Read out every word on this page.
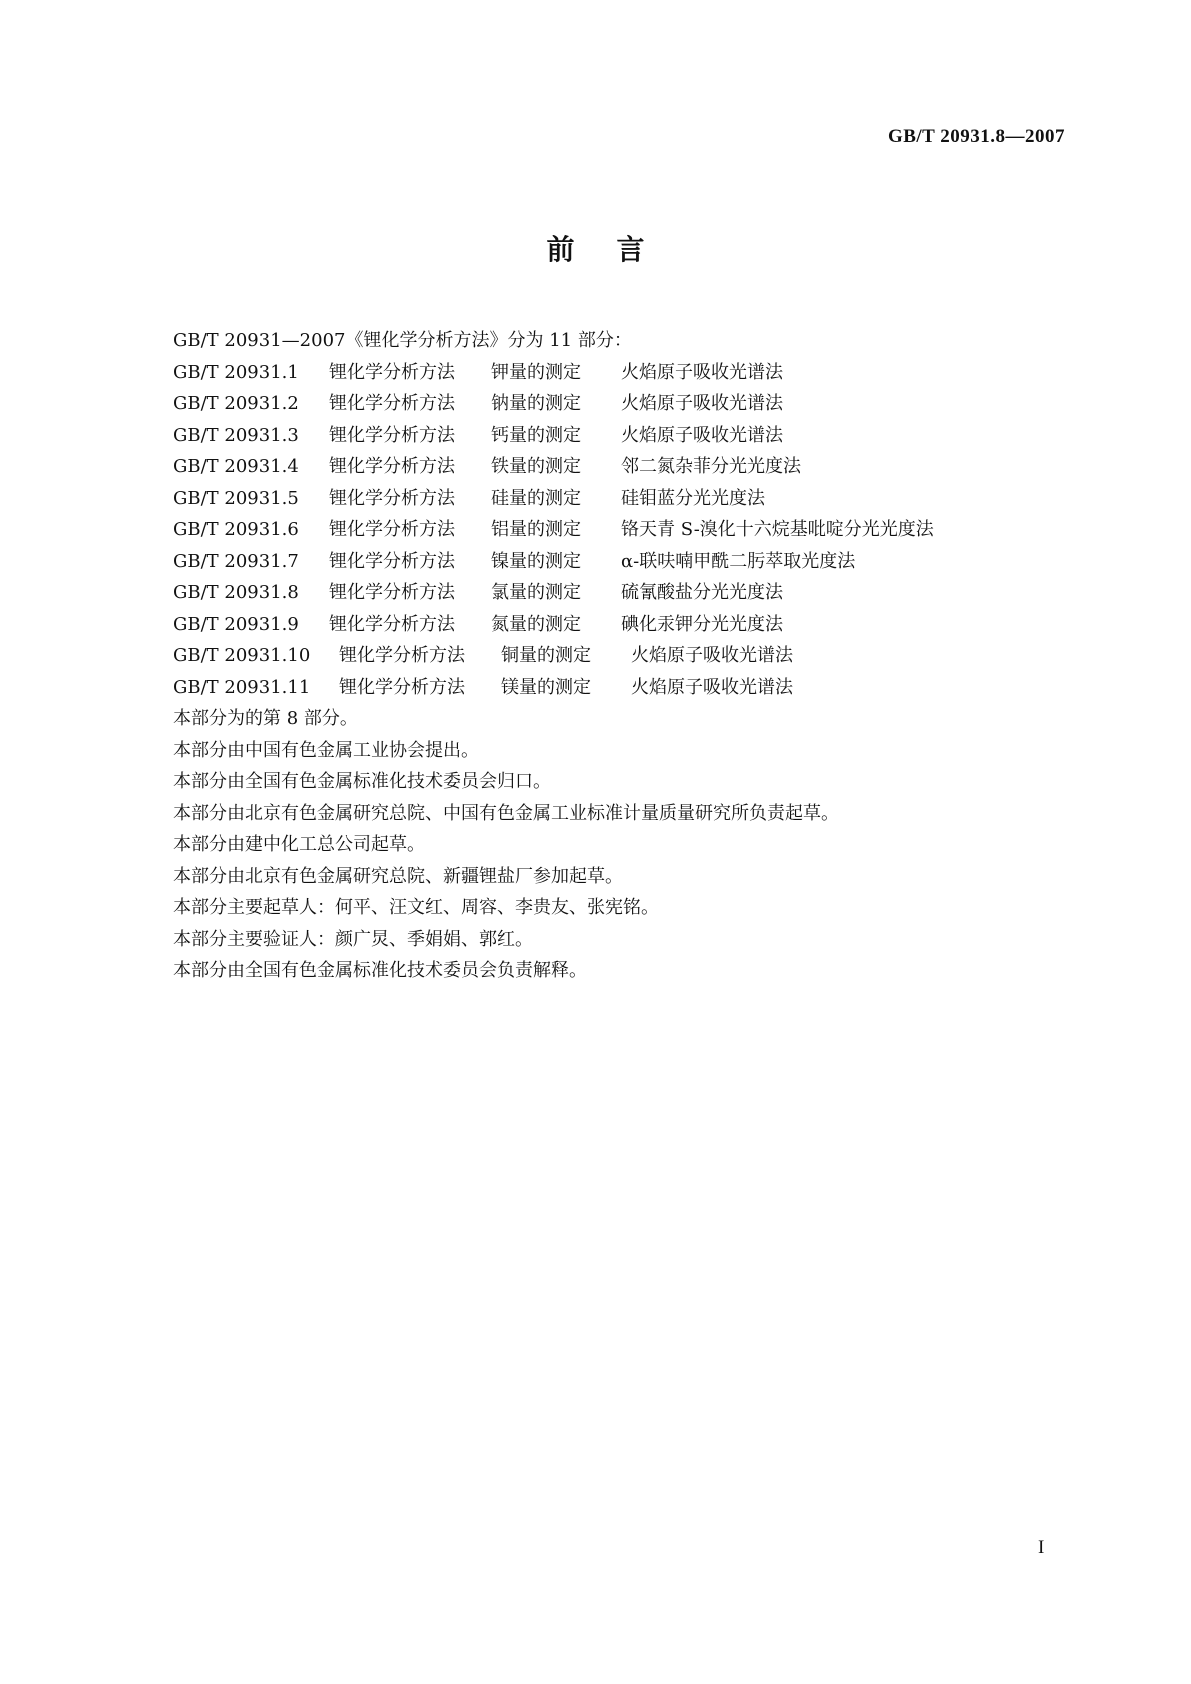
GB/T 20931.8—2007
前言
GB/T 20931—2007《锂化学分析方法》分为 11 部分：
GB/T 20931.1	锂化学分析方法	钾量的测定	火焰原子吸收光谱法
GB/T 20931.2	锂化学分析方法	钠量的测定	火焰原子吸收光谱法
GB/T 20931.3	锂化学分析方法	钙量的测定	火焰原子吸收光谱法
GB/T 20931.4	锂化学分析方法	铁量的测定	邻二氮杂菲分光光度法
GB/T 20931.5	锂化学分析方法	硅量的测定	硅钼蓝分光光度法
GB/T 20931.6	锂化学分析方法	铝量的测定	铬天青 S-溴化十六烷基吡啶分光光度法
GB/T 20931.7	锂化学分析方法	镍量的测定	α-联呋喃甲酰二肟萃取光度法
GB/T 20931.8	锂化学分析方法	氯量的测定	硫氰酸盐分光光度法
GB/T 20931.9	锂化学分析方法	氮量的测定	碘化汞钾分光光度法
GB/T 20931.10	锂化学分析方法	铜量的测定	火焰原子吸收光谱法
GB/T 20931.11	锂化学分析方法	镁量的测定	火焰原子吸收光谱法
本部分为的第 8 部分。
本部分由中国有色金属工业协会提出。
本部分由全国有色金属标准化技术委员会归口。
本部分由北京有色金属研究总院、中国有色金属工业标准计量质量研究所负责起草。
本部分由建中化工总公司起草。
本部分由北京有色金属研究总院、新疆锂盐厂参加起草。
本部分主要起草人：何平、汪文红、周容、李贵友、张宪铭。
本部分主要验证人：颜广炅、季娟娟、郭红。
本部分由全国有色金属标准化技术委员会负责解释。
I
